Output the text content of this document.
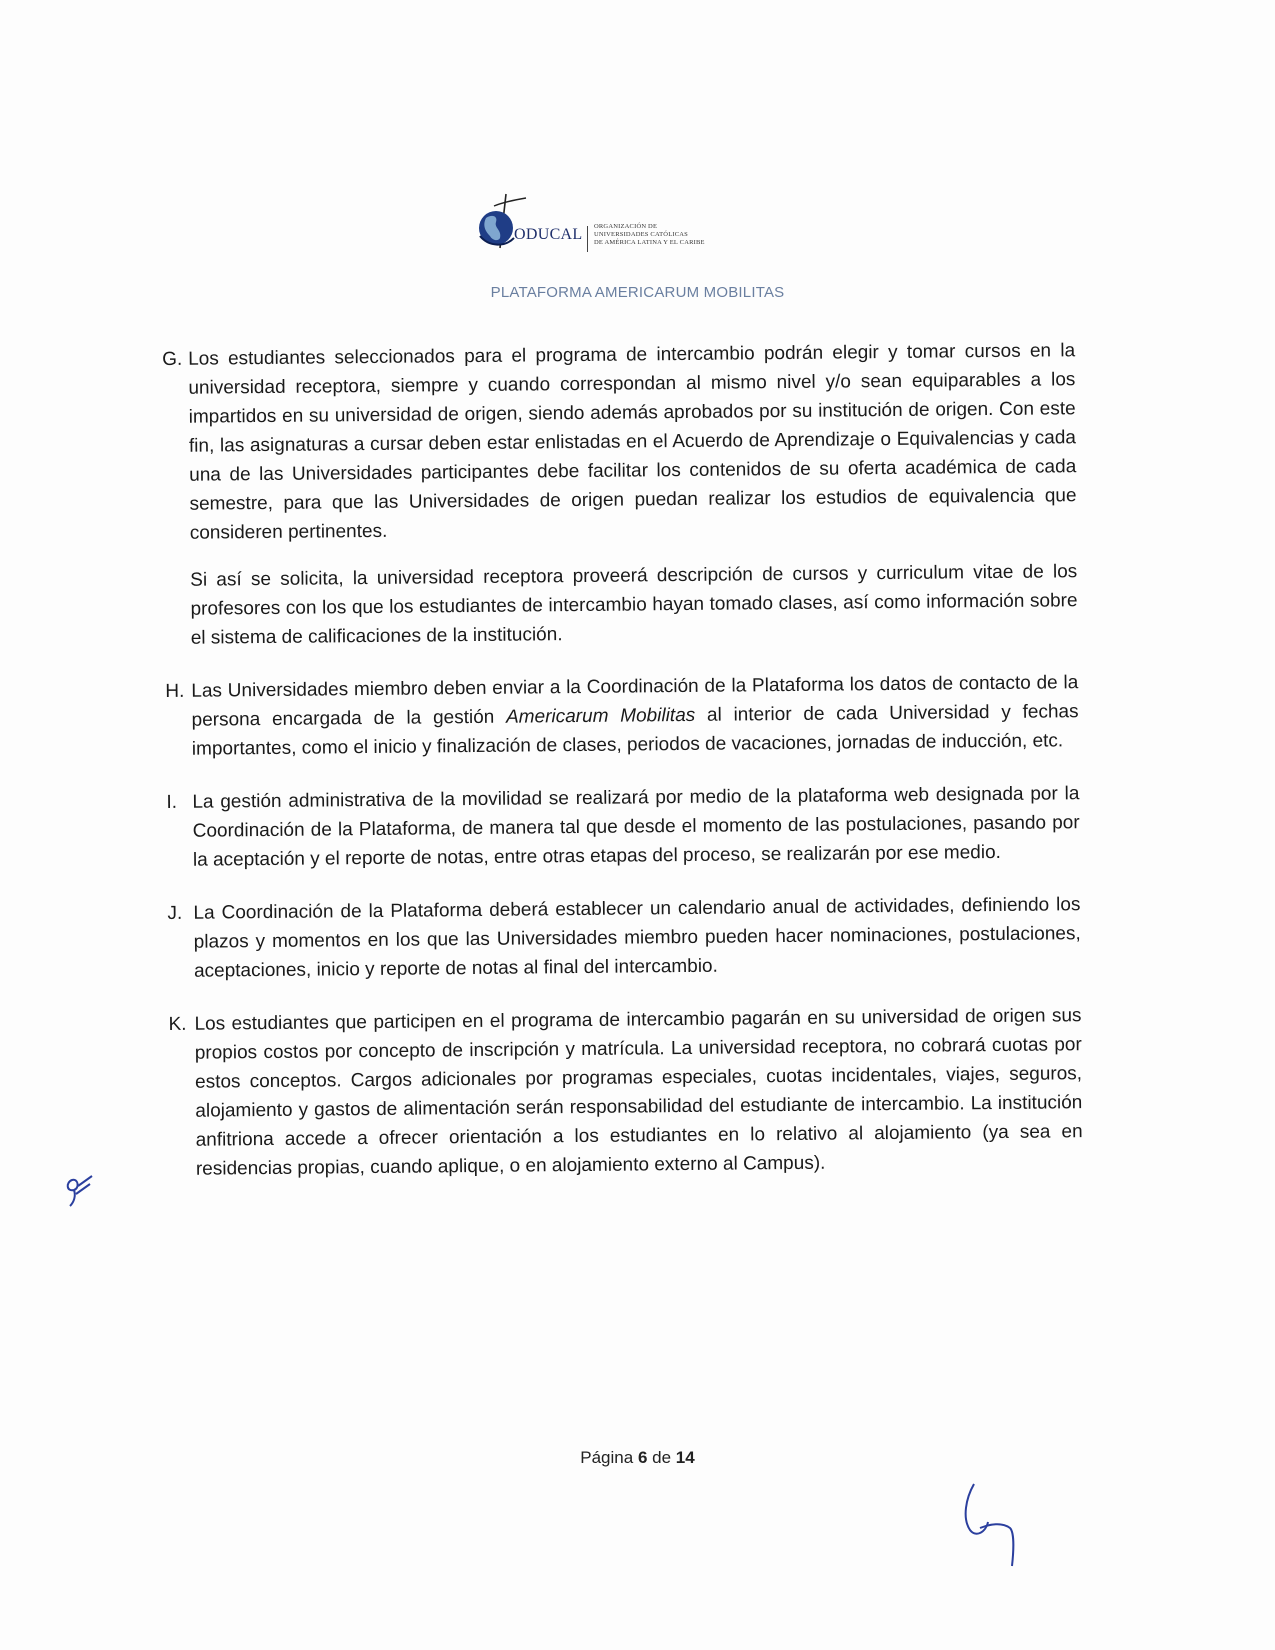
ODUCAL ORGANIZACIÓN DE
UNIVERSIDADES CATÓLICAS
DE AMÉRICA LATINA Y EL CARIBE
PLATAFORMA AMERICARUM MOBILITAS
G. Los estudiantes seleccionados para el programa de intercambio podrán elegir y tomar cursos en la universidad receptora, siempre y cuando correspondan al mismo nivel y/o sean equiparables a los impartidos en su universidad de origen, siendo además aprobados por su institución de origen. Con este fin, las asignaturas a cursar deben estar enlistadas en el Acuerdo de Aprendizaje o Equivalencias y cada una de las Universidades participantes debe facilitar los contenidos de su oferta académica de cada semestre, para que las Universidades de origen puedan realizar los estudios de equivalencia que consideren pertinentes.

Si así se solicita, la universidad receptora proveerá descripción de cursos y curriculum vitae de los profesores con los que los estudiantes de intercambio hayan tomado clases, así como información sobre el sistema de calificaciones de la institución.

H. Las Universidades miembro deben enviar a la Coordinación de la Plataforma los datos de contacto de la persona encargada de la gestión Americarum Mobilitas al interior de cada Universidad y fechas importantes, como el inicio y finalización de clases, periodos de vacaciones, jornadas de inducción, etc.

I. La gestión administrativa de la movilidad se realizará por medio de la plataforma web designada por la Coordinación de la Plataforma, de manera tal que desde el momento de las postulaciones, pasando por la aceptación y el reporte de notas, entre otras etapas del proceso, se realizarán por ese medio.

J. La Coordinación de la Plataforma deberá establecer un calendario anual de actividades, definiendo los plazos y momentos en los que las Universidades miembro pueden hacer nominaciones, postulaciones, aceptaciones, inicio y reporte de notas al final del intercambio.

K. Los estudiantes que participen en el programa de intercambio pagarán en su universidad de origen sus propios costos por concepto de inscripción y matrícula. La universidad receptora, no cobrará cuotas por estos conceptos. Cargos adicionales por programas especiales, cuotas incidentales, viajes, seguros, alojamiento y gastos de alimentación serán responsabilidad del estudiante de intercambio. La institución anfitriona accede a ofrecer orientación a los estudiantes en lo relativo al alojamiento (ya sea en residencias propias, cuando aplique, o en alojamiento externo al Campus).

Página 6 de 14
